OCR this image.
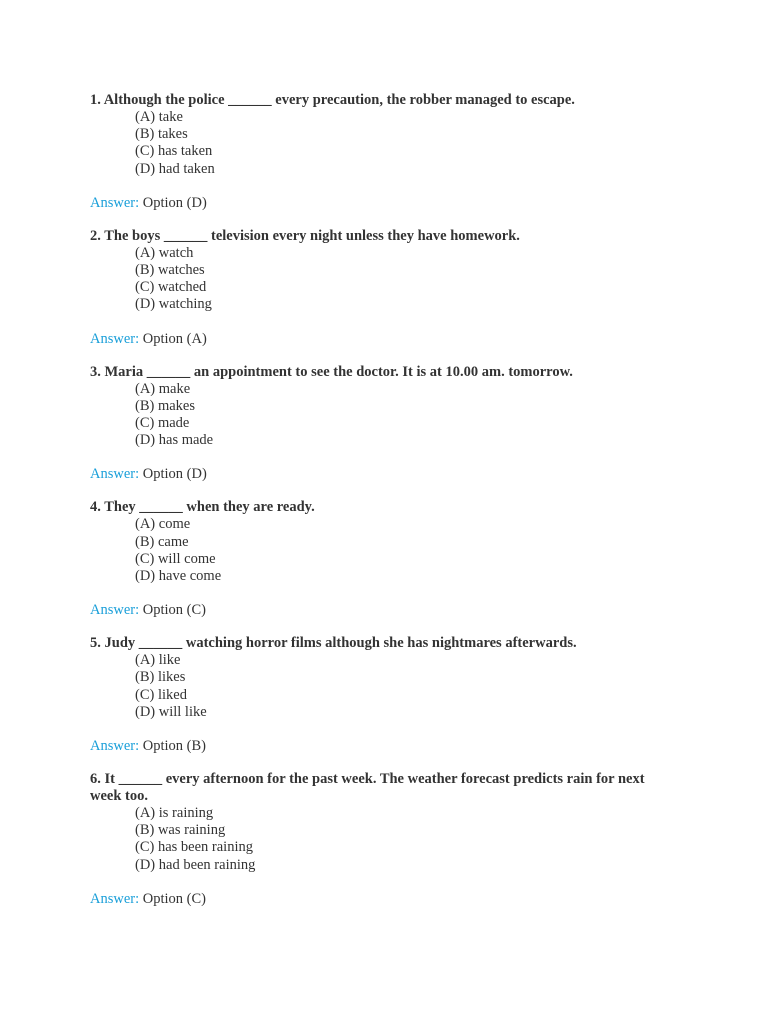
1. Although the police ______ every precaution, the robber managed to escape.

(A) take
(B) takes
(C) has taken
(D) had taken
Answer: Option (D)

2. The boys ______ television every night unless they have homework.

(A) watch
(B) watches
(C) watched
(D) watching
Answer: Option (A)

3. Maria ______ an appointment to see the doctor. It is at 10.00 am. tomorrow.

(A) make
(B) makes
(C) made
(D) has made
Answer: Option (D)

4. They ______ when they are ready.

(A) come
(B) came
(C) will come
(D) have come
Answer: Option (C)

5. Judy ______ watching horror films although she has nightmares afterwards.

(A) like
(B) likes
(C) liked
(D) will like
Answer: Option (B)

6. It ______ every afternoon for the past week. The weather forecast predicts rain for next week too.

(A) is raining
(B) was raining
(C) has been raining
(D) had been raining
Answer: Option (C)
